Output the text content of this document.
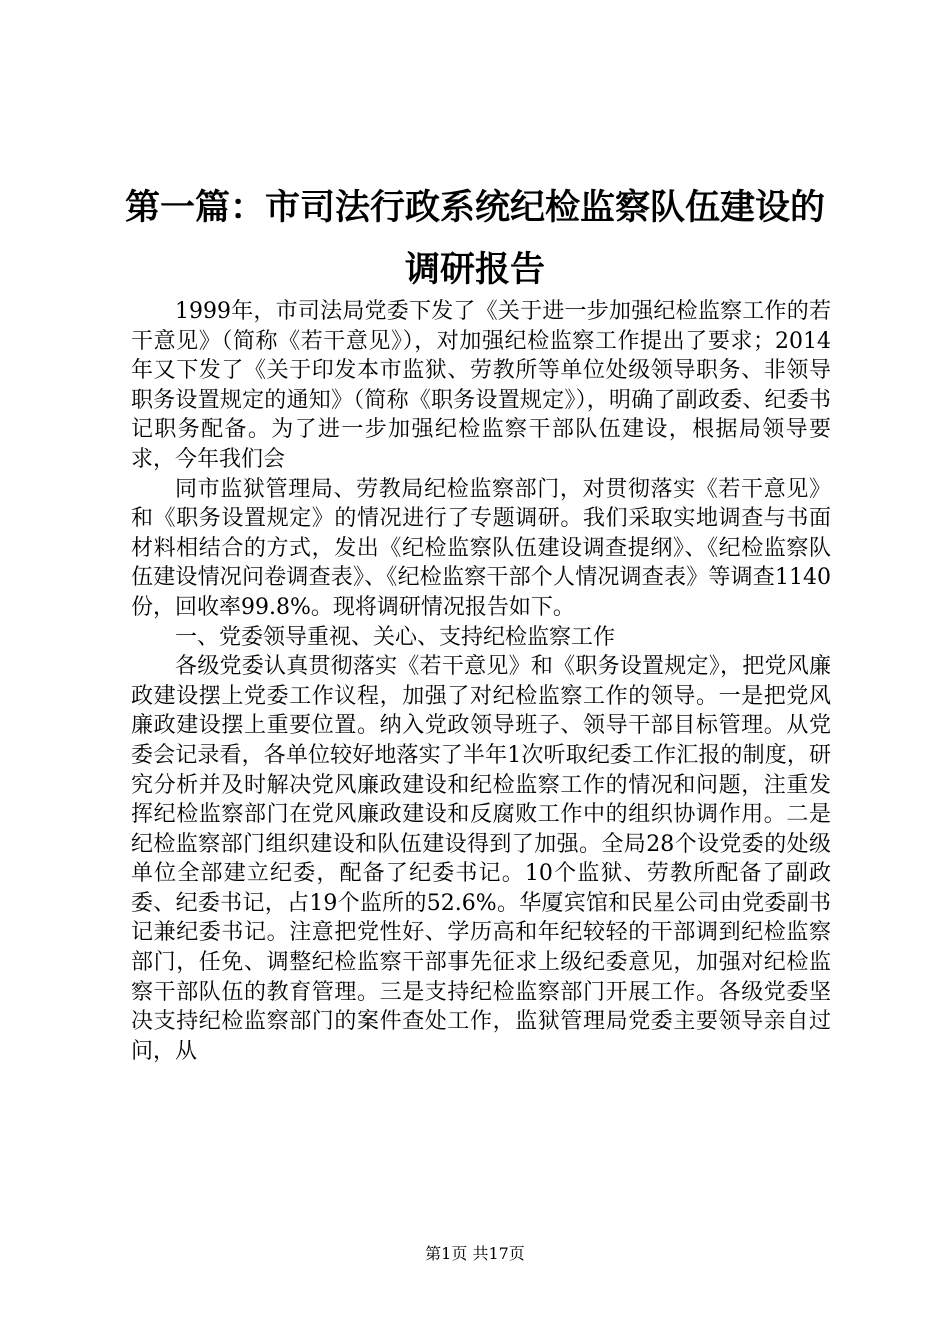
第一篇：市司法行政系统纪检监察队伍建设的
调研报告

1999年，市司法局党委下发了《关于进一步加强纪检监察工作的若干意见》（简称《若干意见》），对加强纪检监察工作提出了要求；2014年又下发了《关于印发本市监狱、劳教所等单位处级领导职务、非领导职务设置规定的通知》（简称《职务设置规定》），明确了副政委、纪委书记职务配备。为了进一步加强纪检监察干部队伍建设，根据局领导要求，今年我们会

同市监狱管理局、劳教局纪检监察部门，对贯彻落实《若干意见》和《职务设置规定》的情况进行了专题调研。我们采取实地调查与书面材料相结合的方式，发出《纪检监察队伍建设调查提纲》、《纪检监察队伍建设情况问卷调查表》、《纪检监察干部个人情况调查表》等调查1140份，回收率99.8%。现将调研情况报告如下。

一、党委领导重视、关心、支持纪检监察工作

各级党委认真贯彻落实《若干意见》和《职务设置规定》，把党风廉政建设摆上党委工作议程，加强了对纪检监察工作的领导。一是把党风廉政建设摆上重要位置。纳入党政领导班子、领导干部目标管理。从党委会记录看，各单位较好地落实了半年1次听取纪委工作汇报的制度，研究分析并及时解决党风廉政建设和纪检监察工作的情况和问题，注重发挥纪检监察部门在党风廉政建设和反腐败工作中的组织协调作用。二是纪检监察部门组织建设和队伍建设得到了加强。全局28个设党委的处级单位全部建立纪委，配备了纪委书记。10个监狱、劳教所配备了副政委、纪委书记，占19个监所的52.6%。华厦宾馆和民星公司由党委副书记兼纪委书记。注意把党性好、学历高和年纪较轻的干部调到纪检监察部门，任免、调整纪检监察干部事先征求上级纪委意见，加强对纪检监察干部队伍的教育管理。三是支持纪检监察部门开展工作。各级党委坚决支持纪检监察部门的案件查处工作，监狱管理局党委主要领导亲自过问，从

第1页 共17页
